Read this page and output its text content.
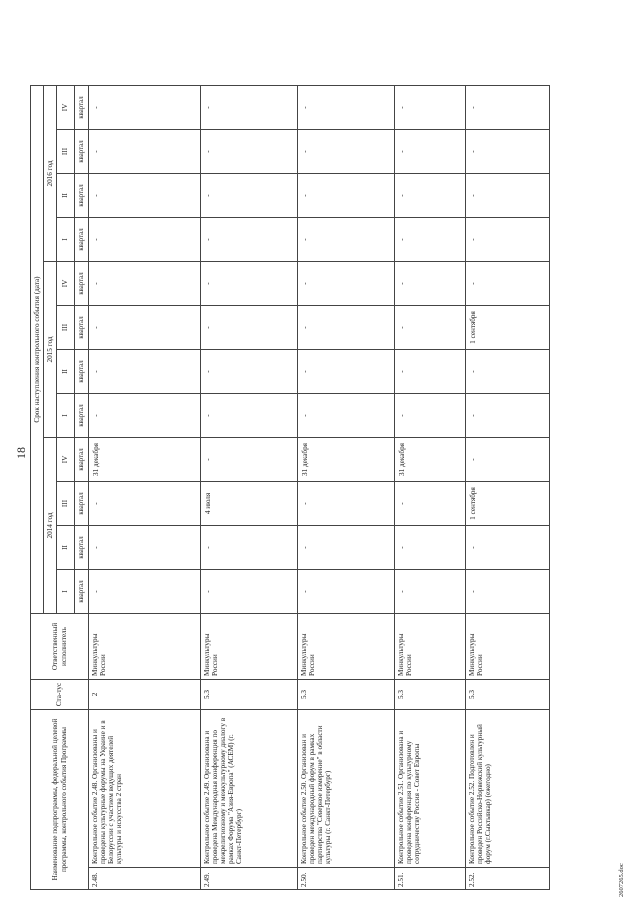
18
Наименование подпрограммы, федеральной целевой программы, контрольного события Программы		Ста-тус	Ответственный исполнитель	Срок наступления контрольного события (дата)											
				2014 год				2015 год				2016 год			
				I	II	III	IV	I	II	III	IV	I	II	III	IV
				квартал	квартал	квартал	квартал	квартал	квартал	квартал	квартал	квартал	квартал	квартал	квартал
2.48.	Контрольное событие 2.48. Организованы и проведены культурные форумы на Украине и в Белоруссии с участием ведущих деятелей культуры и искусства 2 стран	2	Минкультуры России	-	-	-	31 декабря	-	-	-	-	-	-	-	-
2.49.	Контрольное событие 2.49. Организована и проведена Международная конференция по межрелигиозному и межкультурному диалогу в рамках Форума "Азия-Европа" (АСЕМ) (г. Санкт-Петербург)	5.3	Минкультуры России	-	-	4 июля	-	-	-	-	-	-	-	-	-
2.50.	Контрольное событие 2.50. Организован и проведен международный форум в рамках партнерства "Северное измерение" в области культуры (г. Санкт-Петербург)	5.3	Минкультуры России	-	-	-	31 декабря	-	-	-	-	-	-	-	-
2.51.	Контрольное событие 2.51. Организована и проведена конференция по культурному сотрудничеству Россия - Совет Европы	5.3	Минкультуры России	-	-	-	31 декабря	-	-	-	-	-	-	-	-
2.52.	Контрольное событие 2.52. Подготовлен и проведен Российско-Норвежский культурный форум (г.Сыктывкар) (ежегодно)	5.3	Минкультуры России	-	-	1 сентября	-	-	-	1 сентября	-	-	-	-	-
2607265.doc
